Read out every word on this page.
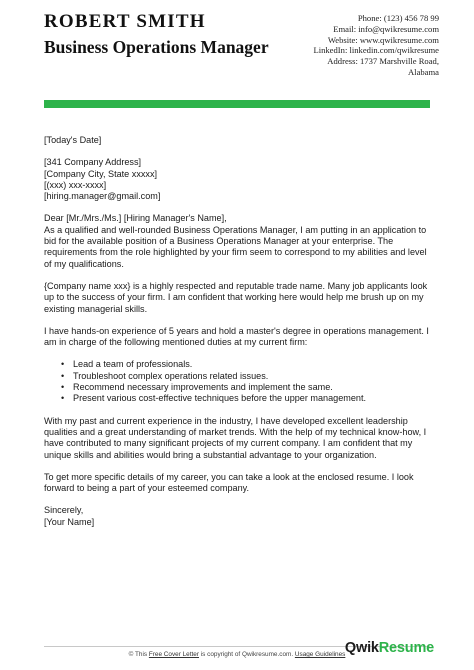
ROBERT SMITH
Business Operations Manager
Phone: (123) 456 78 99
Email: info@qwikresume.com
Website: www.qwikresume.com
LinkedIn: linkedin.com/qwikresume
Address: 1737 Marshville Road,
Alabama

[Today's Date]

[341 Company Address]

[Company City, State xxxxx]

[(xxx) xxx-xxxx]

[hiring.manager@gmail.com]

Dear [Mr./Mrs./Ms.] [Hiring Manager's Name],

As a qualified and well-rounded Business Operations Manager, I am putting in an application to bid for the available position of a Business Operations Manager at your enterprise. The requirements from the role highlighted by your firm seem to correspond to my abilities and level of my qualifications.

{Company name xxx} is a highly respected and reputable trade name. Many job applicants look up to the success of your firm. I am confident that working here would help me brush up on my existing managerial skills.

I have hands-on experience of 5 years and hold a master's degree in operations management. I am in charge of the following mentioned duties at my current firm:

• Lead a team of professionals.
• Troubleshoot complex operations related issues.
• Recommend necessary improvements and implement the same.
• Present various cost-effective techniques before the upper management.

With my past and current experience in the industry, I have developed excellent leadership qualities and a great understanding of market trends. With the help of my technical know-how, I have contributed to many significant projects of my current company. I am confident that my unique skills and abilities would bring a substantial advantage to your organization.

To get more specific details of my career, you can take a look at the enclosed resume. I look forward to being a part of your esteemed company.

Sincerely,

[Your Name]

© This Free Cover Letter is copyright of Qwikresume.com. Usage Guidelines QwikResume
